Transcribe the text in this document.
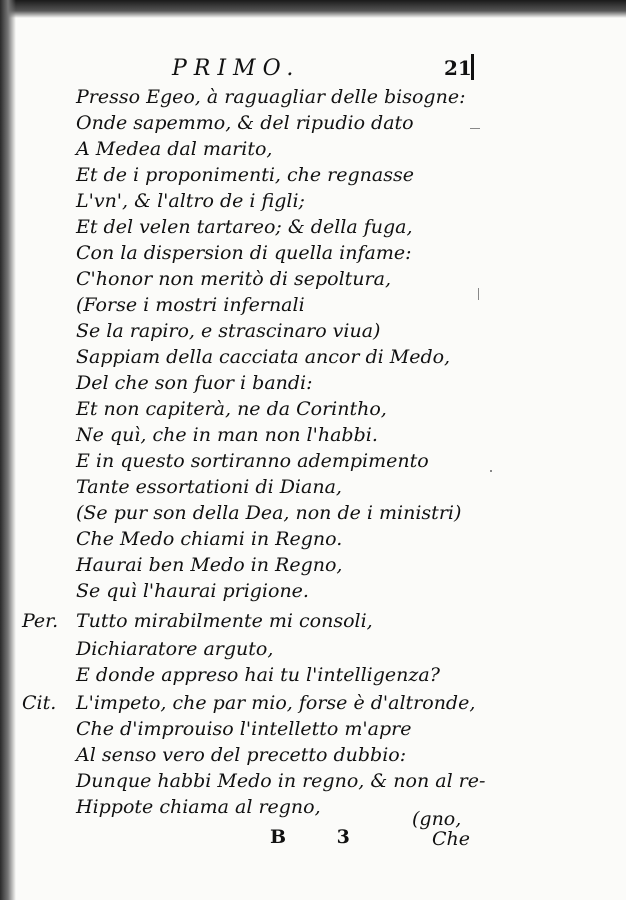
PRIMO.	21
Presso Egeo, à raguagliar delle bisogne:
Onde sapemmo, & del ripudio dato
A Medea dal marito,
Et de i proponimenti, che regnasse
L'vn', & l'altro de i figli;
Et del velen tartareo; & della fuga,
Con la dispersion di quella infame:
C'honor non meritò di sepoltura,
(Forse i mostri infernali
Se la rapiro, e strascinaro viua)
Sappiam della cacciata ancor di Medo,
Del che son fuor i bandi:
Et non capiterà, ne da Corintho,
Ne quì, che in man non l'habbi.
E in questo sortiranno adempimento
Tante essortationi di Diana,
(Se pur son della Dea, non de i ministri)
Che Medo chiami in Regno.
Haurai ben Medo in Regno,
Se quì l'haurai prigione.
Per. Tutto mirabilmente mi consoli,
Dichiaratore arguto,
E donde appreso hai tu l'intelligenza?
Cit. L'impeto, che par mio, forse è d'altronde,
Che d'improuiso l'intelletto m'apre
Al senso vero del precetto dubbio:
Dunque habbi Medo in regno, & non al re-
Hippote chiama al regno,
(gno,
B 3	Che
